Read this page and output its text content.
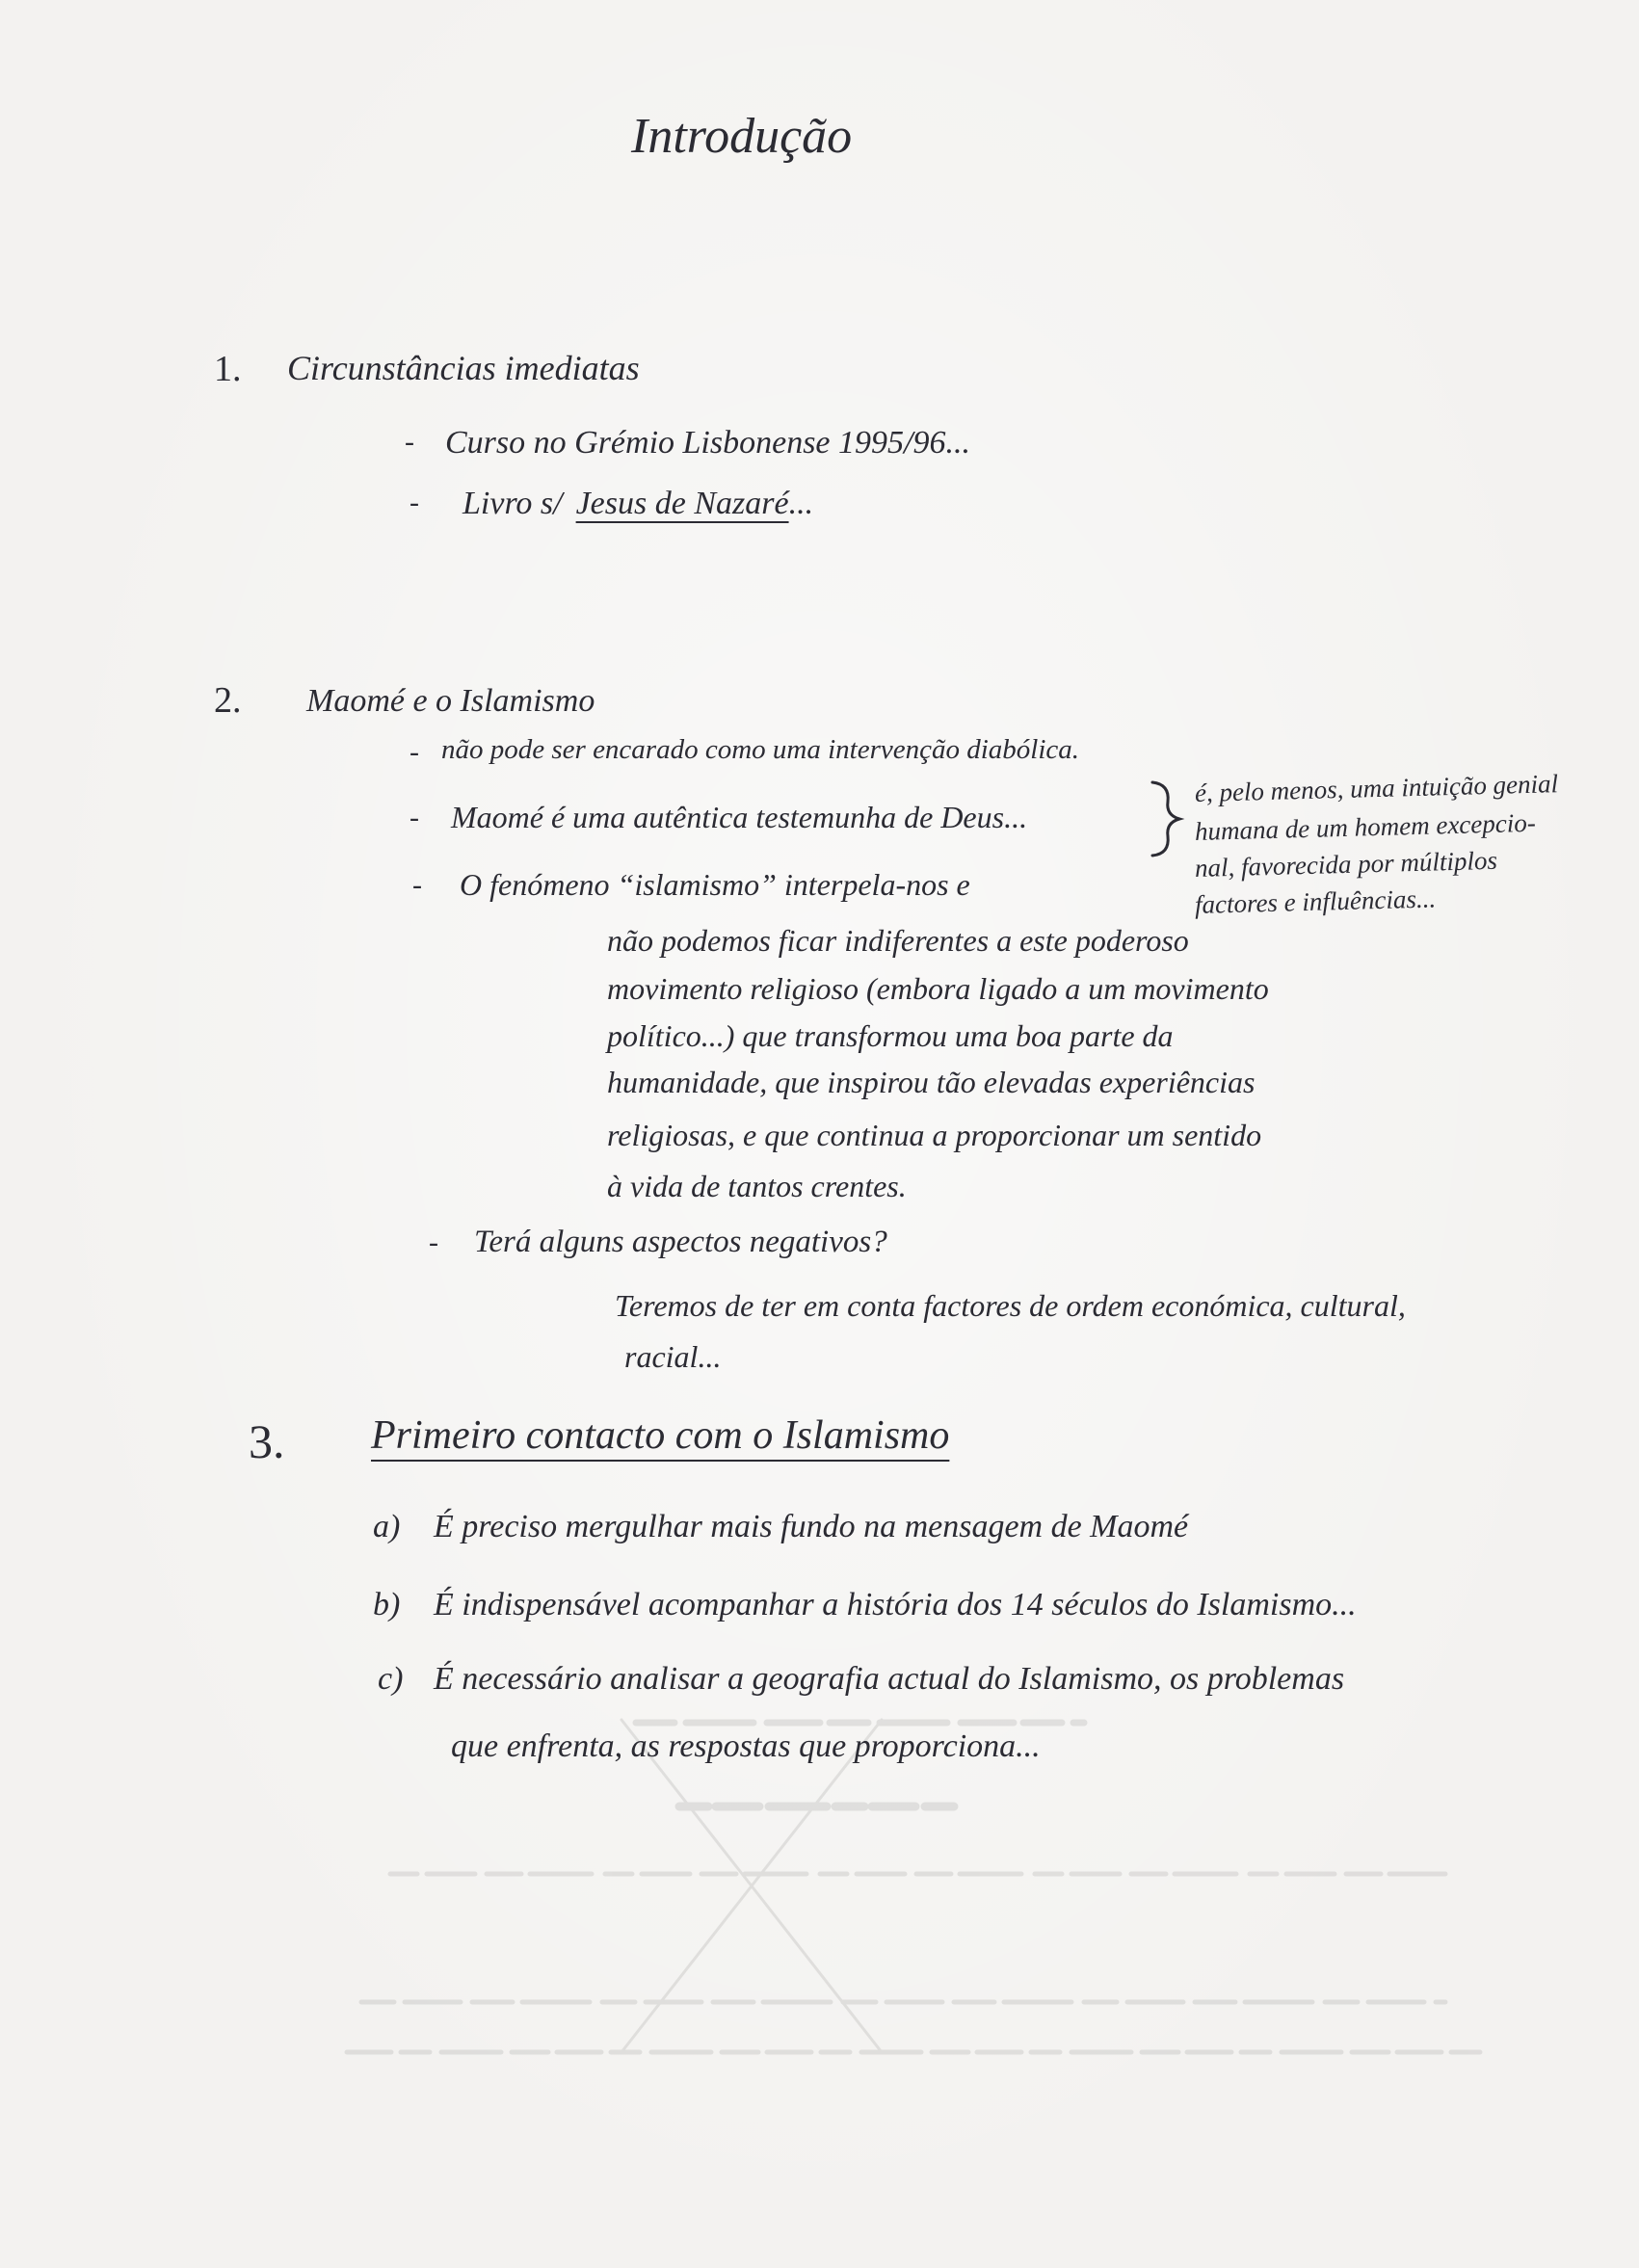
Introdução
1. Circunstâncias imediatas
- Curso no Grémio Lisbonense 1995/96...
- Livro s/ Jesus de Nazaré...
2. Maomé e o Islamismo
- não pode ser encarado como uma intervenção diabólica.
- Maomé é uma autêntica testemunha de Deus...
é, pelo menos, uma intuição genial
humana de um homem excepcio-
nal, favorecida por múltiplos
factores e influências...
- O fenómeno “islamismo” interpela-nos e
não podemos ficar indiferentes a este poderoso
movimento religioso (embora ligado a um movimento
político...) que transformou uma boa parte da
humanidade, que inspirou tão elevadas experiências
religiosas, e que continua a proporcionar um sentido
à vida de tantos crentes.
- Terá alguns aspectos negativos?
Teremos de ter em conta factores de ordem económica, cultural,
racial...
3. Primeiro contacto com o Islamismo
a) É preciso mergulhar mais fundo na mensagem de Maomé
b) É indispensável acompanhar a história dos 14 séculos do Islamismo...
c) É necessário analisar a geografia actual do Islamismo, os problemas
que enfrenta, as respostas que proporciona...
